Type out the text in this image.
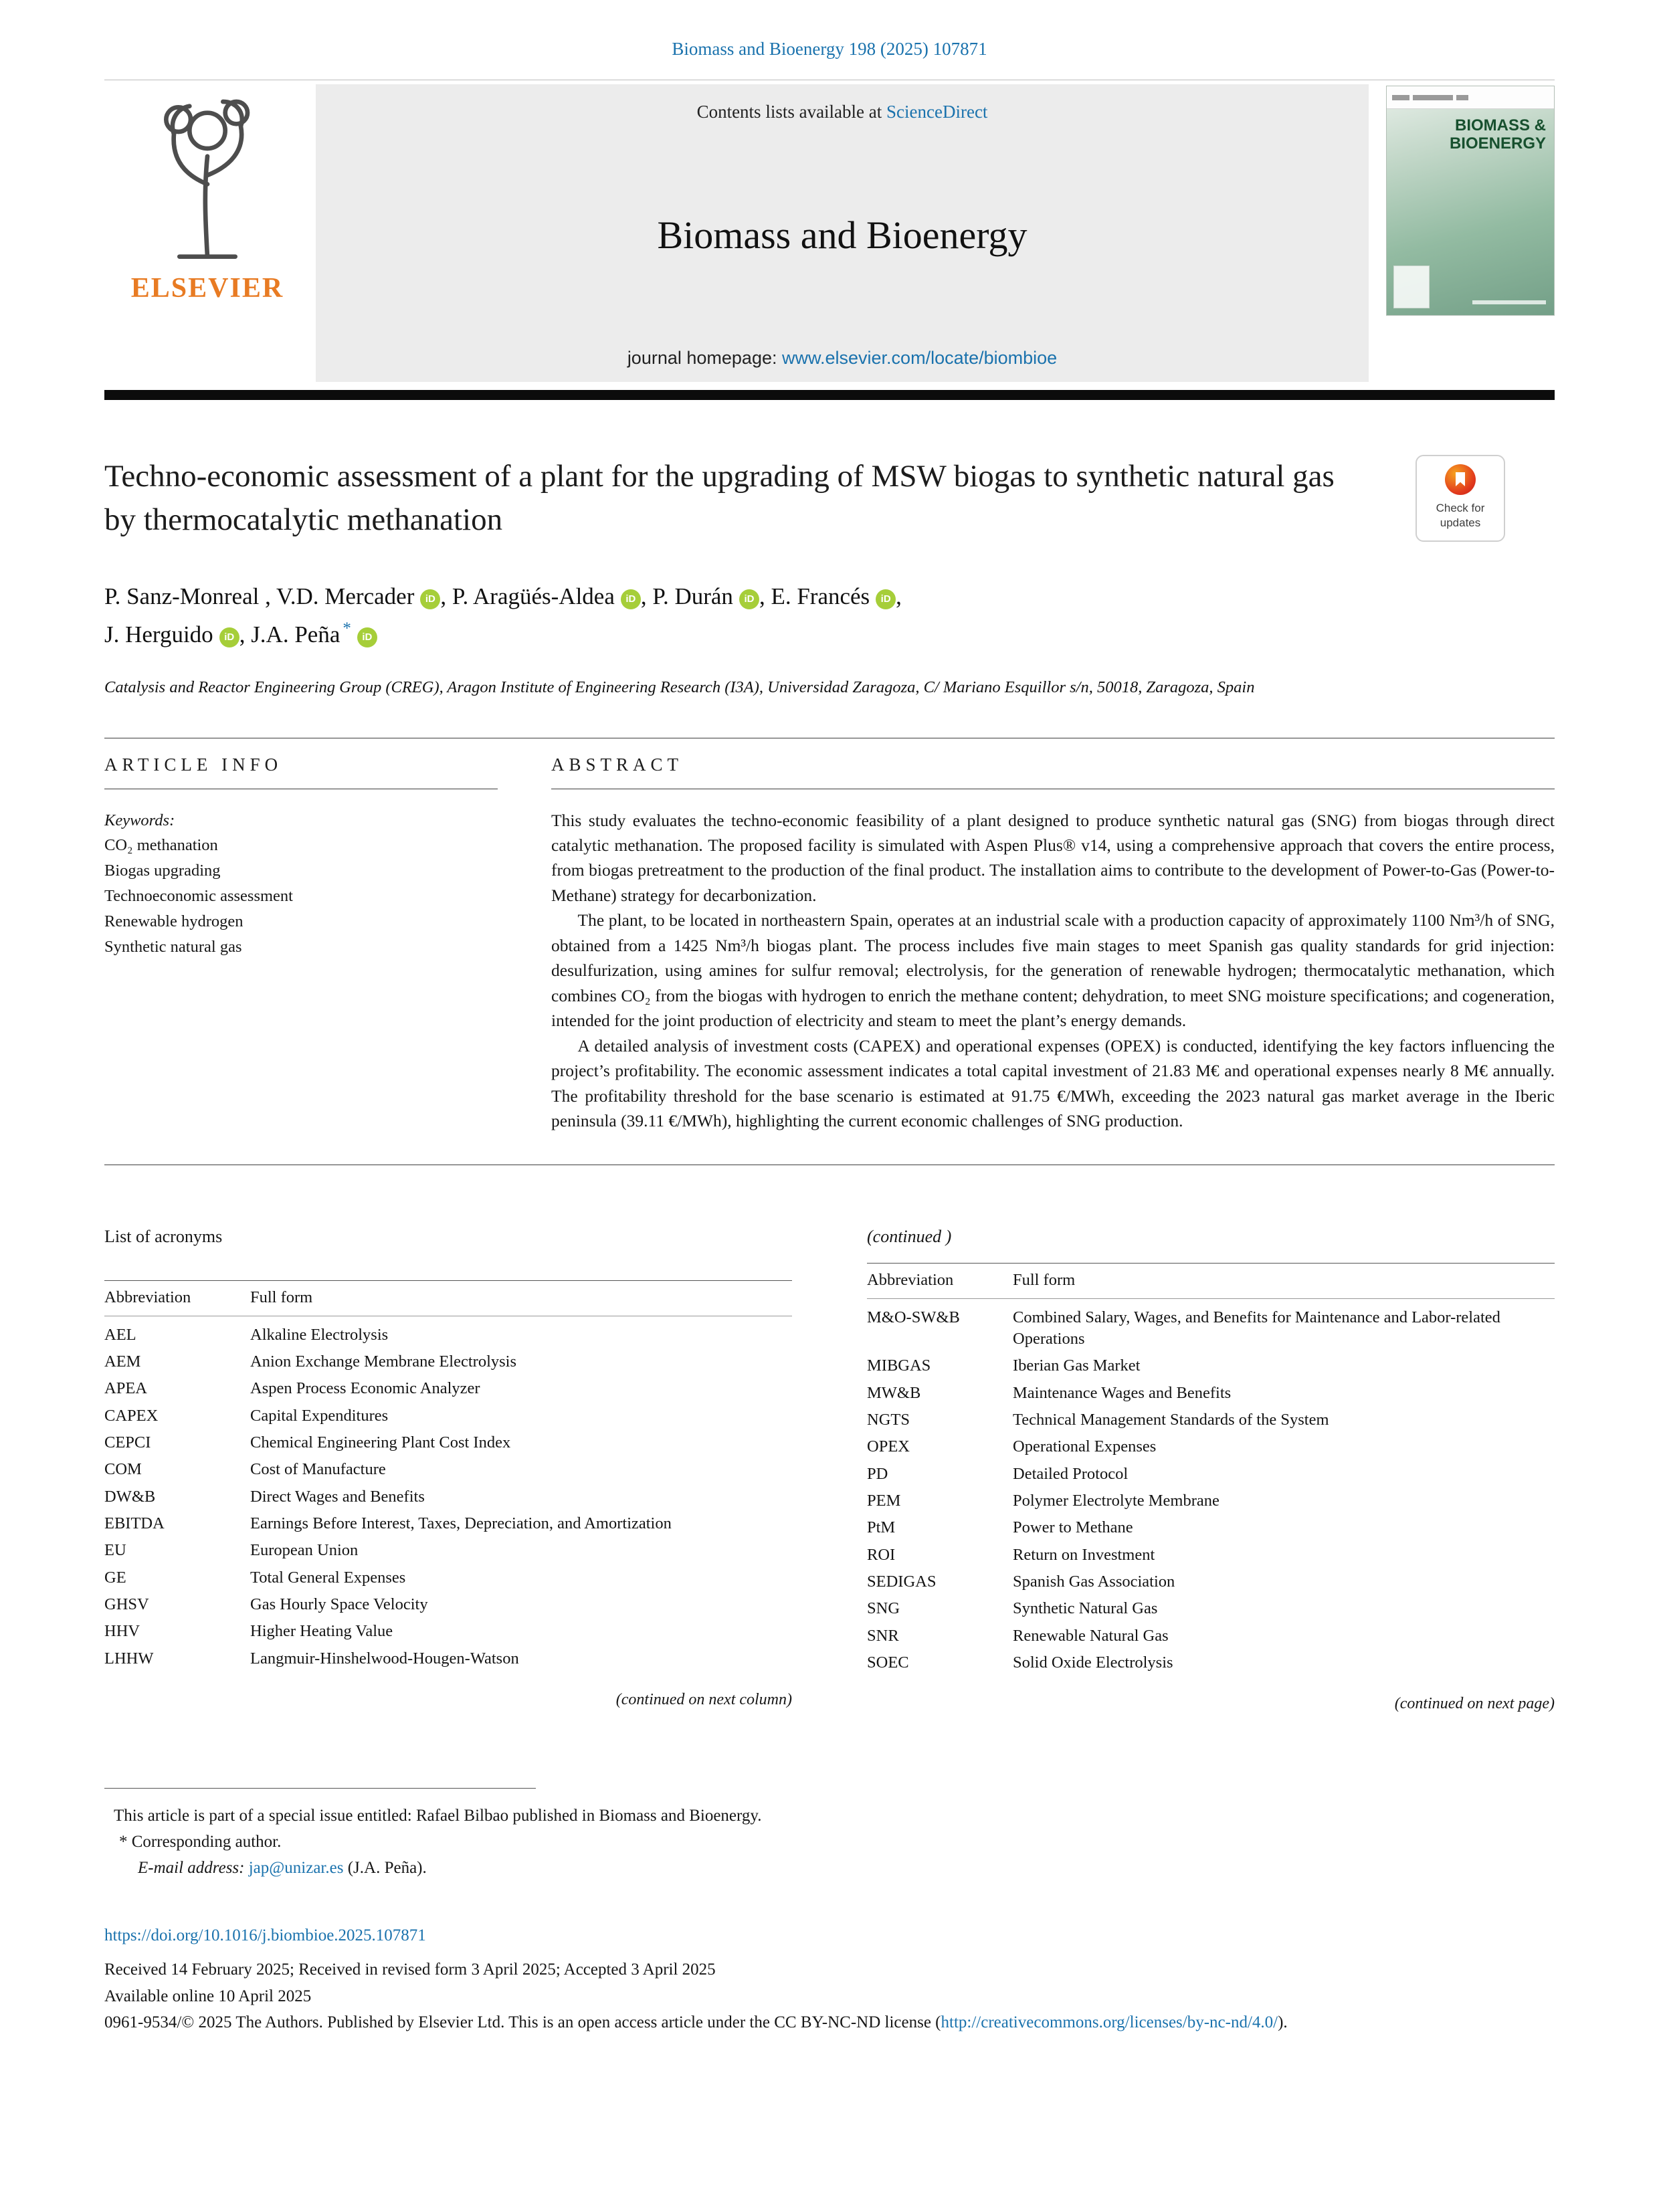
Biomass and Bioenergy 198 (2025) 107871
ELSEVIER
Contents lists available at ScienceDirect
Biomass and Bioenergy
journal homepage: www.elsevier.com/locate/biombioe
BIOMASS &
BIOENERGY
Techno-economic assessment of a plant for the upgrading of MSW biogas to synthetic natural gas by thermocatalytic methanation	Check for
updates
P. Sanz-Monreal , V.D. Mercader iD , P. Aragüés-Aldea iD , P. Durán iD , E. Francés iD ,
J. Herguido iD , J.A. Peña *iD
Catalysis and Reactor Engineering Group (CREG), Aragon Institute of Engineering Research (I3A), Universidad Zaragoza, C/ Mariano Esquillor s/n, 50018, Zaragoza, Spain
ARTICLE INFO
Keywords:
CO₂ methanation
Biogas upgrading
Technoeconomic assessment
Renewable hydrogen
Synthetic natural gas
ABSTRACT

This study evaluates the techno-economic feasibility of a plant designed to produce synthetic natural gas (SNG) from biogas through direct catalytic methanation. The proposed facility is simulated with Aspen Plus® v14, using a comprehensive approach that covers the entire process, from biogas pretreatment to the production of the final product. The installation aims to contribute to the development of Power-to-Gas (Power-to-Methane) strategy for decarbonization.

The plant, to be located in northeastern Spain, operates at an industrial scale with a production capacity of approximately 1100 Nm³/h of SNG, obtained from a 1425 Nm³/h biogas plant. The process includes five main stages to meet Spanish gas quality standards for grid injection: desulfurization, using amines for sulfur removal; electrolysis, for the generation of renewable hydrogen; thermocatalytic methanation, which combines CO₂ from the biogas with hydrogen to enrich the methane content; dehydration, to meet SNG moisture specifications; and cogeneration, intended for the joint production of electricity and steam to meet the plant’s energy demands.

A detailed analysis of investment costs (CAPEX) and operational expenses (OPEX) is conducted, identifying the key factors influencing the project’s profitability. The economic assessment indicates a total capital investment of 21.83 M€ and operational expenses nearly 8 M€ annually. The profitability threshold for the base scenario is estimated at 91.75 €/MWh, exceeding the 2023 natural gas market average in the Iberic peninsula (39.11 €/MWh), highlighting the current economic challenges of SNG production.

List of acronyms
Abbreviation	Full form
AEL	Alkaline Electrolysis
AEM	Anion Exchange Membrane Electrolysis
APEA	Aspen Process Economic Analyzer
CAPEX	Capital Expenditures
CEPCI	Chemical Engineering Plant Cost Index
COM	Cost of Manufacture
DW&B	Direct Wages and Benefits
EBITDA	Earnings Before Interest, Taxes, Depreciation, and Amortization
EU	European Union
GE	Total General Expenses
GHSV	Gas Hourly Space Velocity
HHV	Higher Heating Value
LHHW	Langmuir-Hinshelwood-Hougen-Watson
(continued on next column)
(continued )
Abbreviation	Full form
M&O-SW&B	Combined Salary, Wages, and Benefits for Maintenance and Labor-related Operations
MIBGAS	Iberian Gas Market
MW&B	Maintenance Wages and Benefits
NGTS	Technical Management Standards of the System
OPEX	Operational Expenses
PD	Detailed Protocol
PEM	Polymer Electrolyte Membrane
PtM	Power to Methane
ROI	Return on Investment
SEDIGAS	Spanish Gas Association
SNG	Synthetic Natural Gas
SNR	Renewable Natural Gas
SOEC	Solid Oxide Electrolysis
(continued on next page)

This article is part of a special issue entitled: Rafael Bilbao published in Biomass and Bioenergy.

* Corresponding author.

E-mail address: jap@unizar.es (J.A. Peña).

https://doi.org/10.1016/j.biombioe.2025.107871

Received 14 February 2025; Received in revised form 3 April 2025; Accepted 3 April 2025

Available online 10 April 2025

0961-9534/© 2025 The Authors. Published by Elsevier Ltd. This is an open access article under the CC BY-NC-ND license (http://creativecommons.org/licenses/by-nc-nd/4.0/).
